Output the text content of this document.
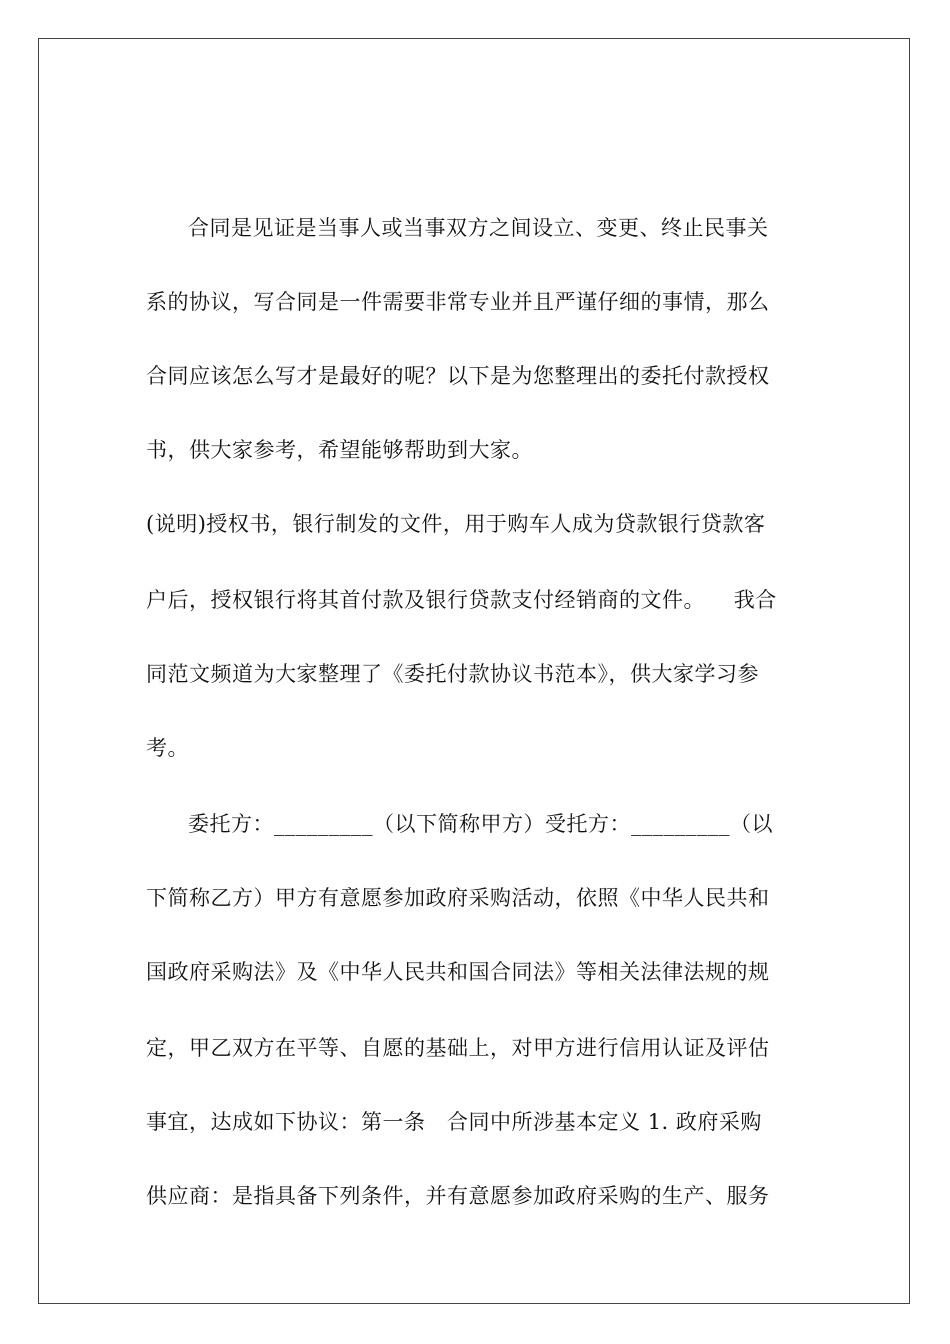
合同是见证是当事人或当事双方之间设立、变更、终止民事关
系的协议，写合同是一件需要非常专业并且严谨仔细的事情，那么
合同应该怎么写才是最好的呢？以下是为您整理出的委托付款授权
书，供大家参考，希望能够帮助到大家。
(说明)授权书，银行制发的文件，用于购车人成为贷款银行贷款客
户后，授权银行将其首付款及银行贷款支付经销商的文件。    我合
同范文频道为大家整理了《委托付款协议书范本》，供大家学习参
考。
委托方：_________（以下简称甲方）受托方：_________（以
下简称乙方）甲方有意愿参加政府采购活动，依照《中华人民共和
国政府采购法》及《中华人民共和国合同法》等相关法律法规的规
定，甲乙双方在平等、自愿的基础上，对甲方进行信用认证及评估
事宜，达成如下协议：第一条   合同中所涉基本定义 1. 政府采购
供应商：是指具备下列条件，并有意愿参加政府采购的生产、服务
